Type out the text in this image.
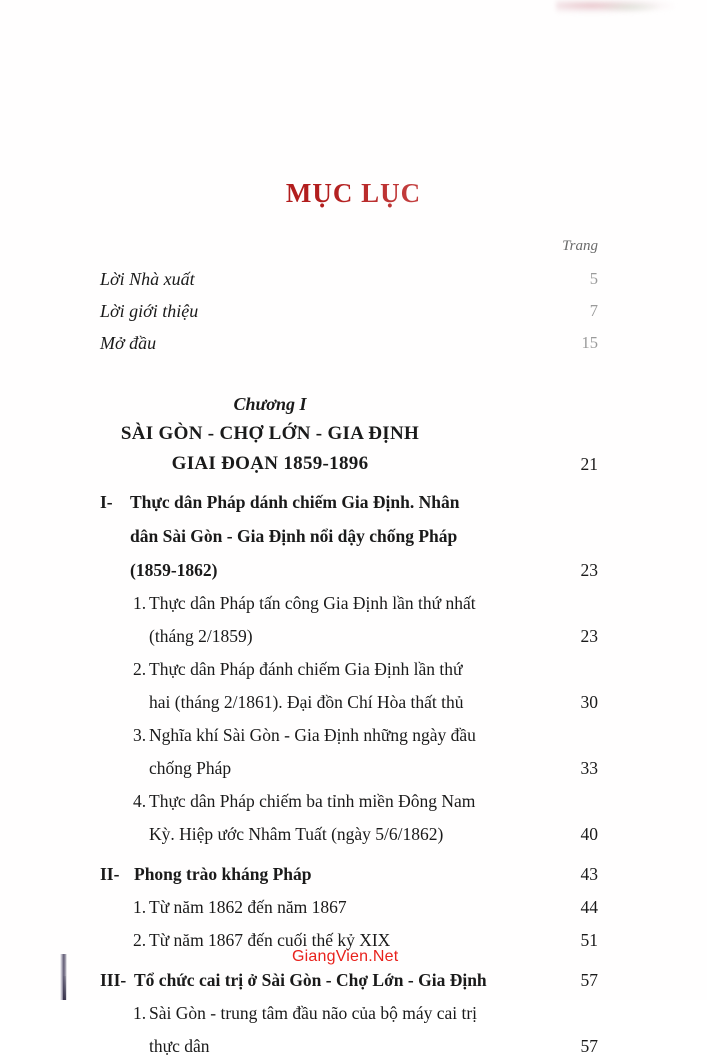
MỤC LỤC
Trang
Lời Nhà xuất	5
Lời giới thiệu	7
Mở đầu	15
Chương I
SÀI GÒN - CHỢ LỚN - GIA ĐỊNH
GIAI ĐOẠN 1859-1896	21
I- Thực dân Pháp dánh chiếm Gia Định. Nhân
dân Sài Gòn - Gia Định nổi dậy chống Pháp
(1859-1862)	23
1. Thực dân Pháp tấn công Gia Định lần thứ nhất
(tháng 2/1859)	23
2. Thực dân Pháp đánh chiếm Gia Định lần thứ
hai (tháng 2/1861). Đại đồn Chí Hòa thất thủ	30
3. Nghĩa khí Sài Gòn - Gia Định những ngày đầu
chống Pháp	33
4. Thực dân Pháp chiếm ba tỉnh miền Đông Nam
Kỳ. Hiệp ước Nhâm Tuất (ngày 5/6/1862)	40
II- Phong trào kháng Pháp	43
1. Từ năm 1862 đến năm 1867	44
2. Từ năm 1867 đến cuối thế kỷ XIX	51
III- Tổ chức cai trị ở Sài Gòn - Chợ Lớn - Gia Định	57
1. Sài Gòn - trung tâm đầu não của bộ máy cai trị
thực dân	57
GiangVien.Net
